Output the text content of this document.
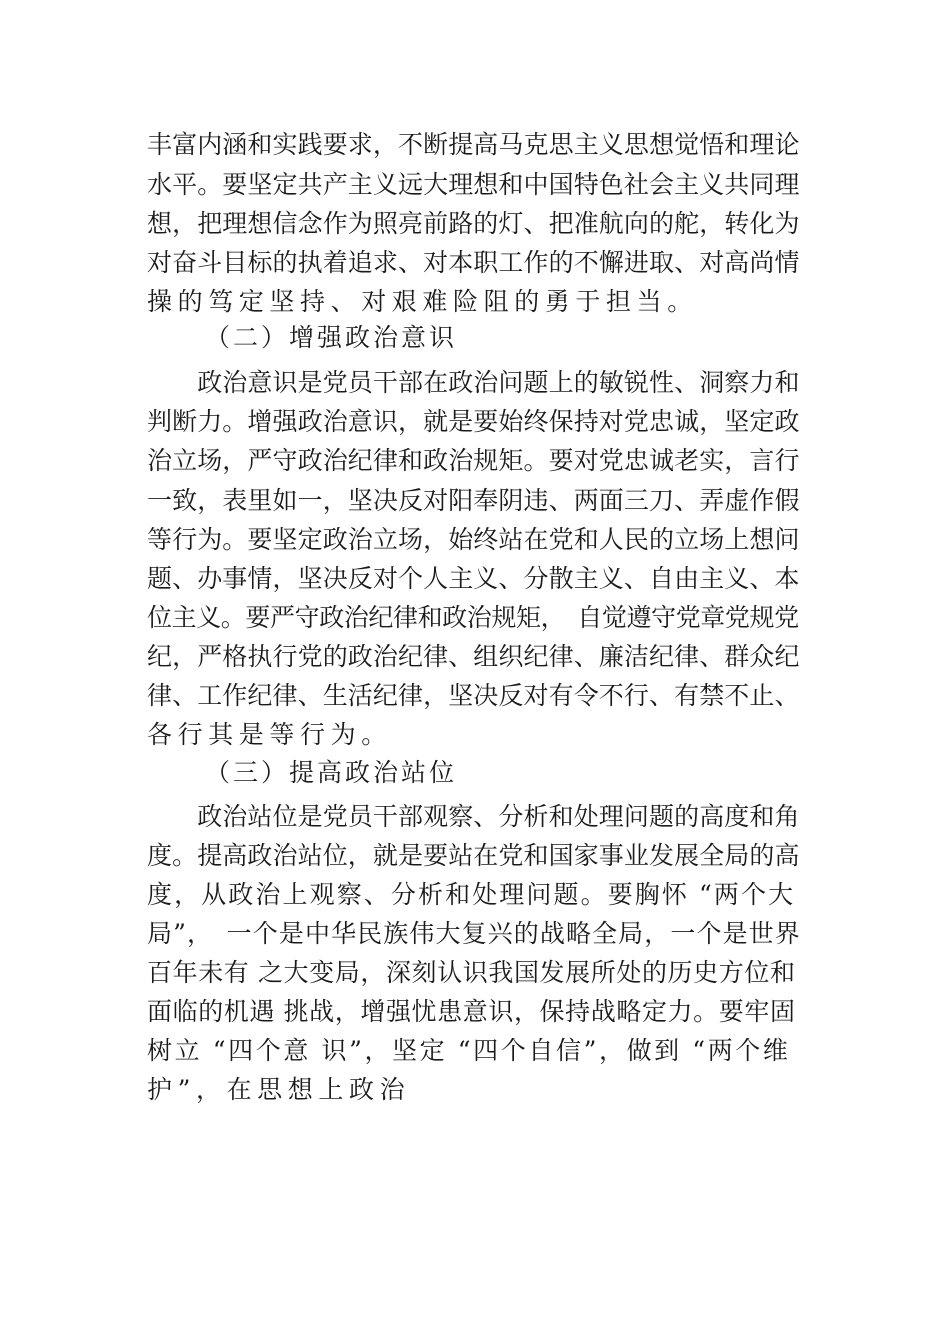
丰富内涵和实践要求，不断提高马克思主义思想觉悟和理论
水平。要坚定共产主义远大理想和中国特色社会主义共同理
想，把理想信念作为照亮前路的灯、把准航向的舵，转化为
对奋斗目标的执着追求、对本职工作的不懈进取、对高尚情
操的笃定坚持、对艰难险阻的勇于担当。
（二）增强政治意识
　　政治意识是党员干部在政治问题上的敏锐性、洞察力和
判断力。增强政治意识，就是要始终保持对党忠诚，坚定政
治立场，严守政治纪律和政治规矩。要对党忠诚老实，言行
一致，表里如一，坚决反对阳奉阴违、两面三刀、弄虚作假
等行为。要坚定政治立场，始终站在党和人民的立场上想问
题、办事情，坚决反对个人主义、分散主义、自由主义、本
位主义。要严守政治纪律和政治规矩，　自觉遵守党章党规党
纪，严格执行党的政治纪律、组织纪律、廉洁纪律、群众纪
律、工作纪律、生活纪律，坚决反对有令不行、有禁不止、
各行其是等行为。
（三）提高政治站位
　　政治站位是党员干部观察、分析和处理问题的高度和角
度。提高政治站位，就是要站在党和国家事业发展全局的高
度，从政治上观察、分析和处理问题。要胸怀 “两个大
局”，　一个是中华民族伟大复兴的战略全局，一个是世界
百年未有 之大变局，深刻认识我国发展所处的历史方位和
面临的机遇 挑战，增强忧患意识，保持战略定力。要牢固
树立 “四个意 识”，坚定 “四个自信”，做到 “两个维
护”，在思想上政治
